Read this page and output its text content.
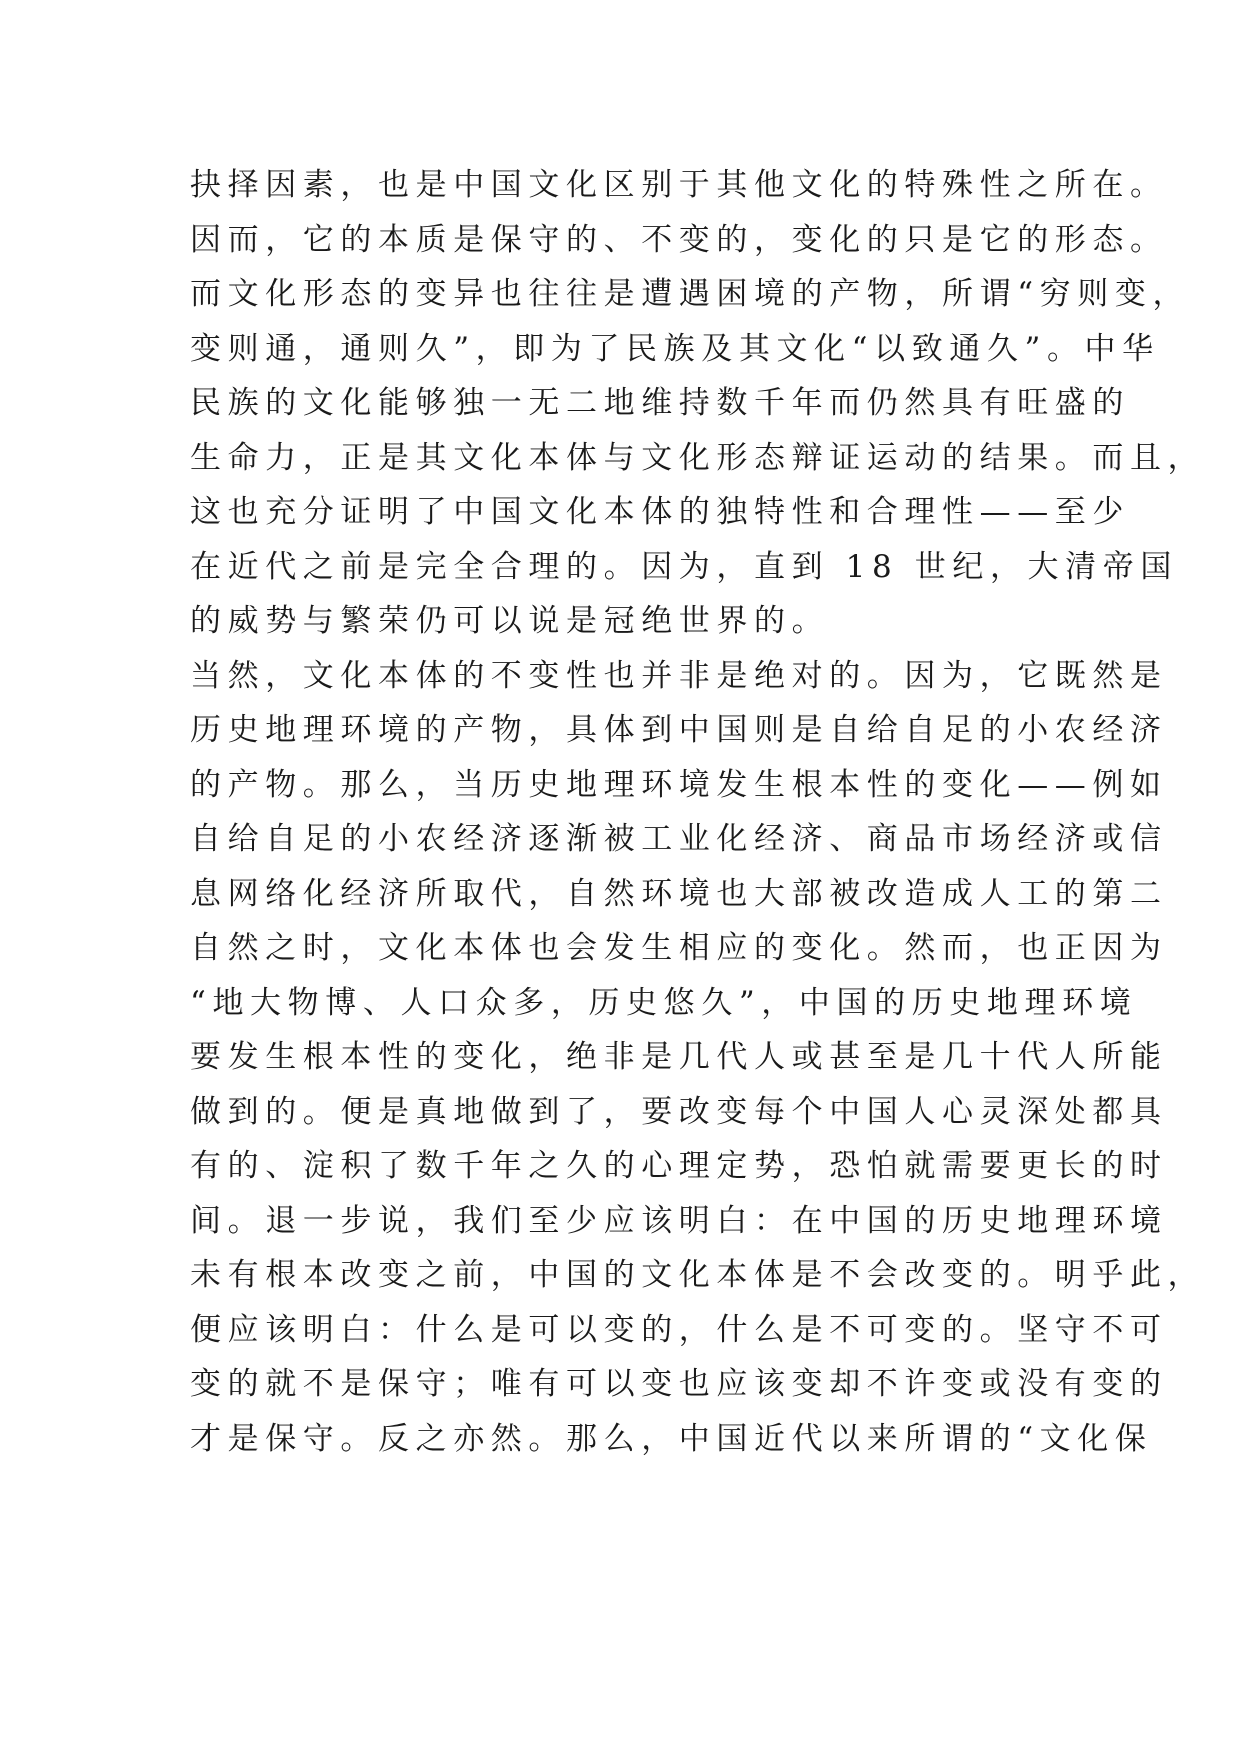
抉择因素，也是中国文化区别于其他文化的特殊性之所在。
因而，它的本质是保守的、不变的，变化的只是它的形态。
而文化形态的变异也往往是遭遇困境的产物，所谓“穷则变，
变则通，通则久”，即为了民族及其文化“以致通久”。中华
民族的文化能够独一无二地维持数千年而仍然具有旺盛的
生命力，正是其文化本体与文化形态辩证运动的结果。而且，
这也充分证明了中国文化本体的独特性和合理性——至少
在近代之前是完全合理的。因为，直到 18 世纪，大清帝国
的威势与繁荣仍可以说是冠绝世界的。
当然，文化本体的不变性也并非是绝对的。因为，它既然是
历史地理环境的产物，具体到中国则是自给自足的小农经济
的产物。那么，当历史地理环境发生根本性的变化——例如
自给自足的小农经济逐渐被工业化经济、商品市场经济或信
息网络化经济所取代，自然环境也大部被改造成人工的第二
自然之时，文化本体也会发生相应的变化。然而，也正因为
“地大物博、人口众多，历史悠久”，中国的历史地理环境
要发生根本性的变化，绝非是几代人或甚至是几十代人所能
做到的。便是真地做到了，要改变每个中国人心灵深处都具
有的、淀积了数千年之久的心理定势，恐怕就需要更长的时
间。退一步说，我们至少应该明白：在中国的历史地理环境
未有根本改变之前，中国的文化本体是不会改变的。明乎此，
便应该明白：什么是可以变的，什么是不可变的。坚守不可
变的就不是保守；唯有可以变也应该变却不许变或没有变的
才是保守。反之亦然。那么，中国近代以来所谓的“文化保
